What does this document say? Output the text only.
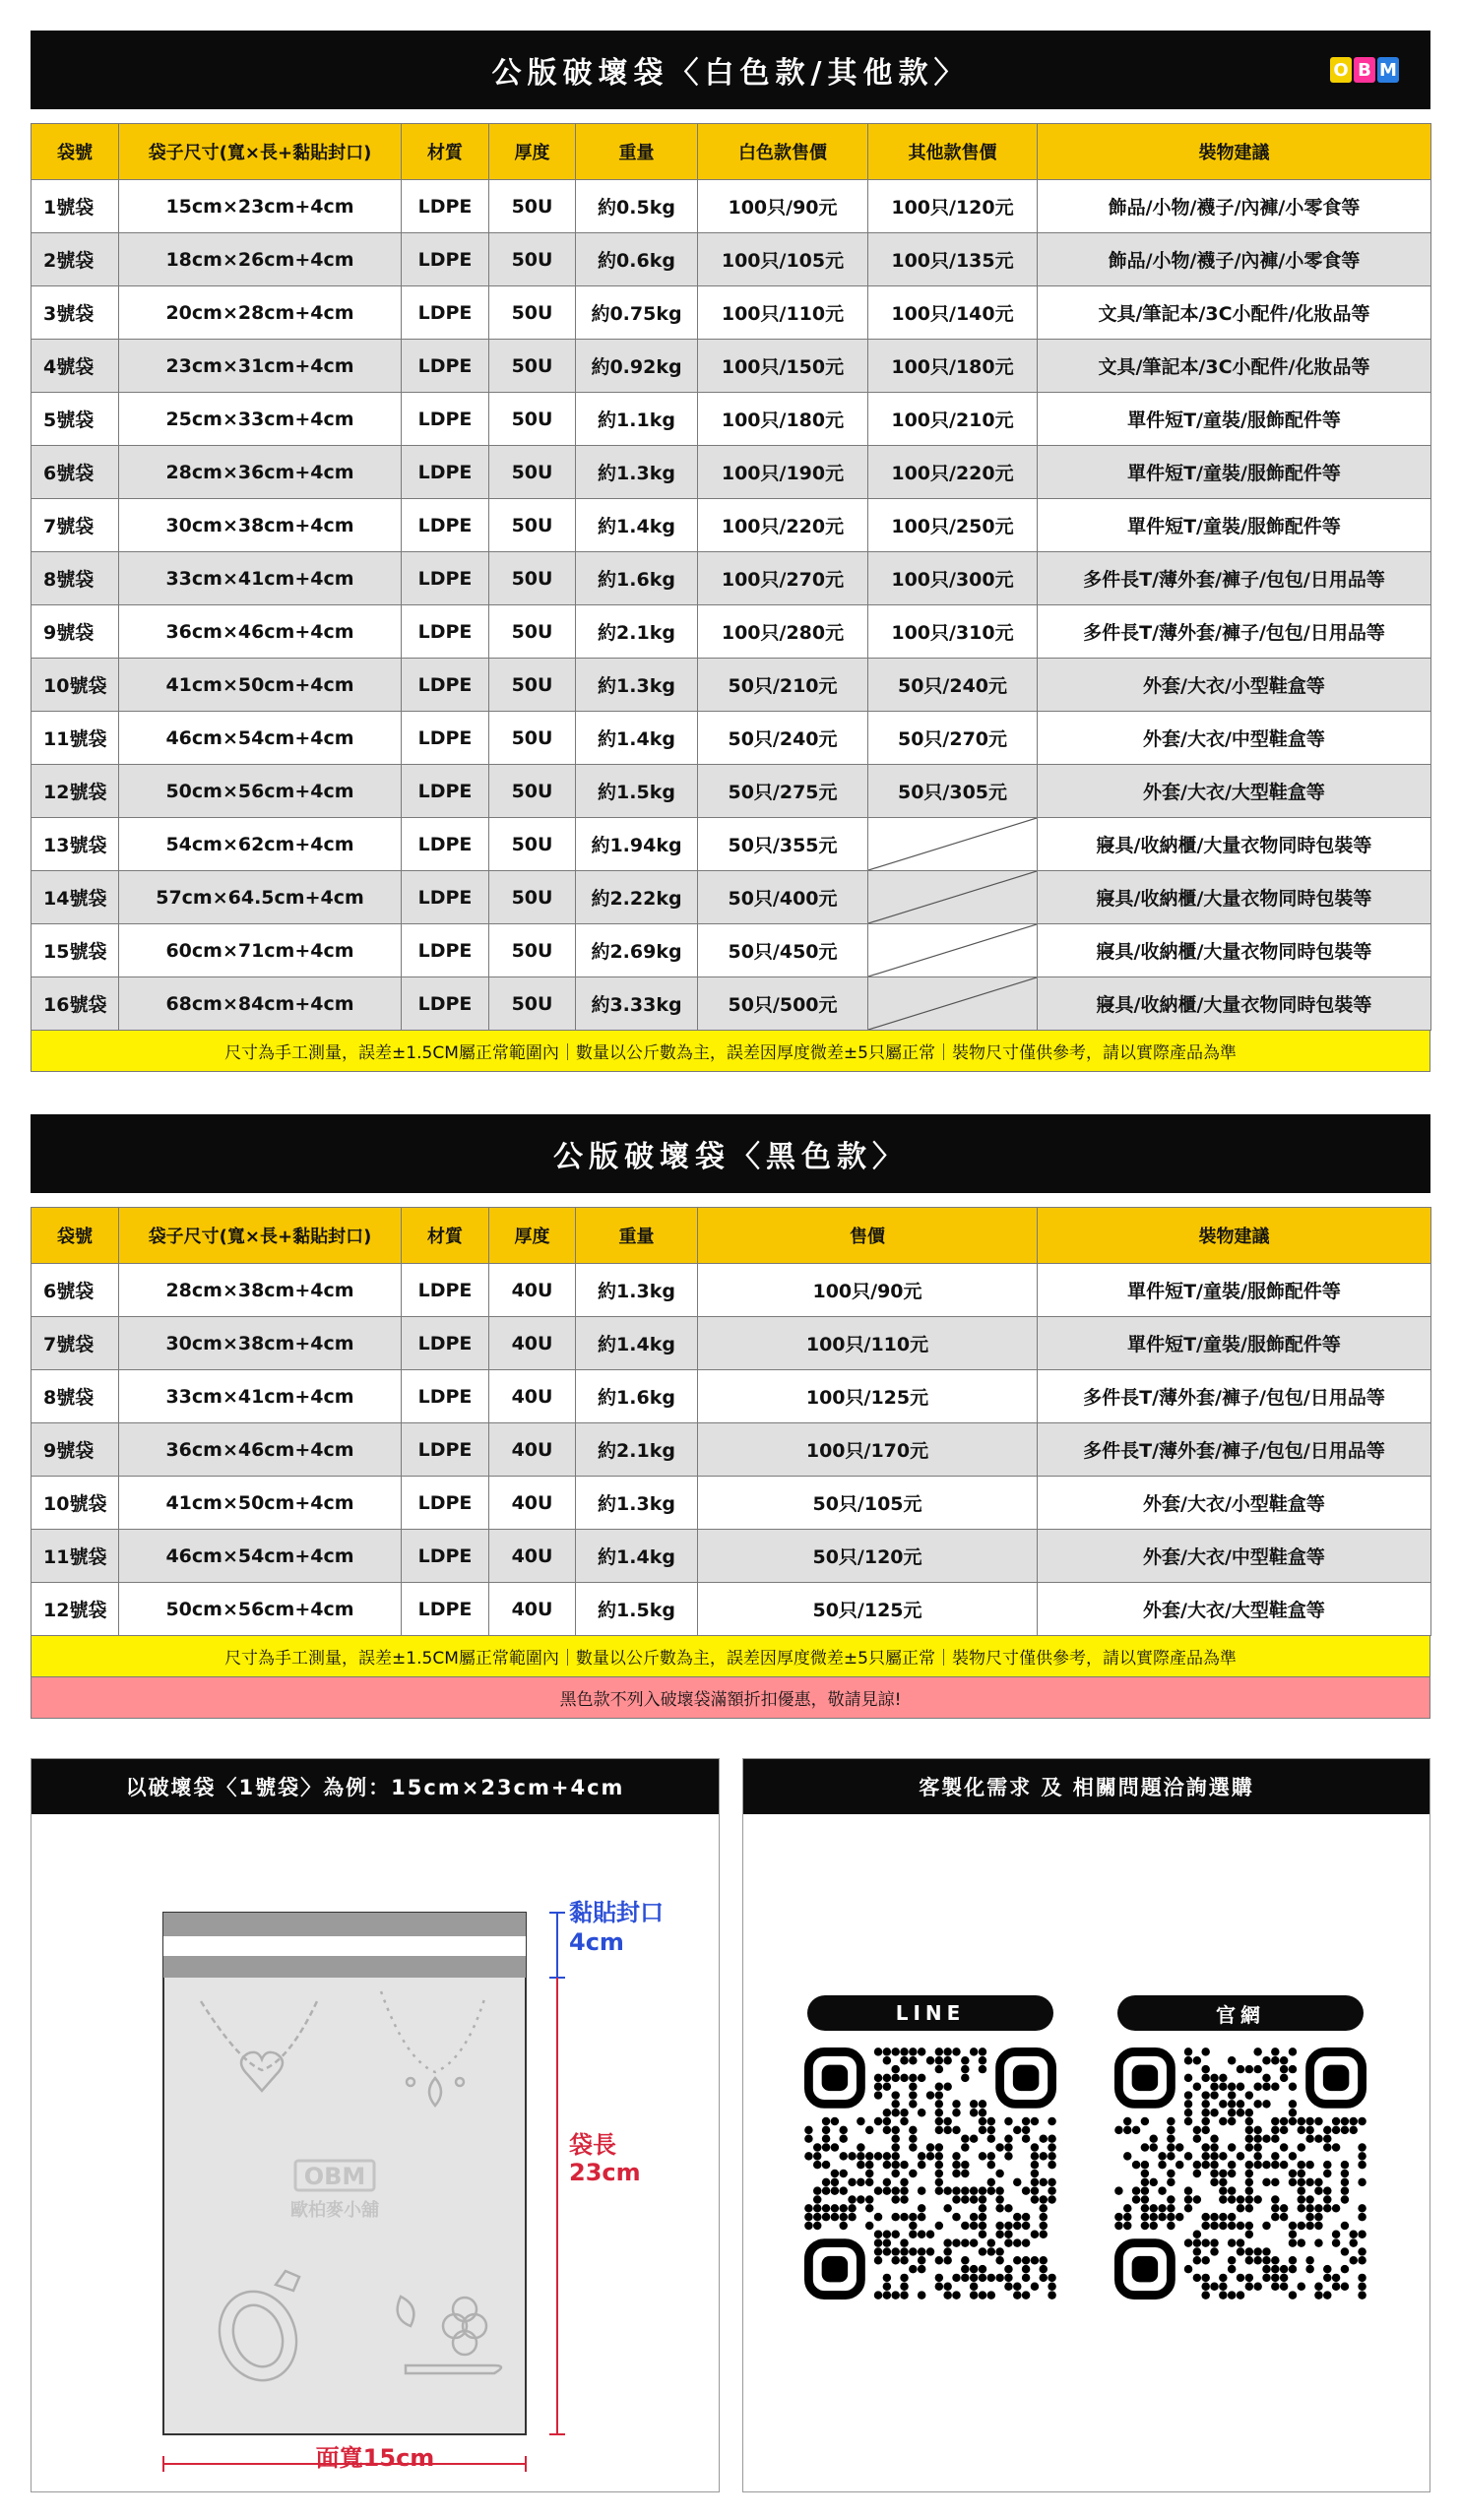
公版破壞袋〈白色款/其他款〉	O B M
袋號	袋子尺寸(寬×長+黏貼封口)	材質	厚度	重量	白色款售價	其他款售價	裝物建議
1號袋	15cm×23cm+4cm	LDPE	50U	約0.5kg	100只/90元	100只/120元	飾品/小物/襪子/內褲/小零食等
2號袋	18cm×26cm+4cm	LDPE	50U	約0.6kg	100只/105元	100只/135元	飾品/小物/襪子/內褲/小零食等
3號袋	20cm×28cm+4cm	LDPE	50U	約0.75kg	100只/110元	100只/140元	文具/筆記本/3C小配件/化妝品等
4號袋	23cm×31cm+4cm	LDPE	50U	約0.92kg	100只/150元	100只/180元	文具/筆記本/3C小配件/化妝品等
5號袋	25cm×33cm+4cm	LDPE	50U	約1.1kg	100只/180元	100只/210元	單件短T/童裝/服飾配件等
6號袋	28cm×36cm+4cm	LDPE	50U	約1.3kg	100只/190元	100只/220元	單件短T/童裝/服飾配件等
7號袋	30cm×38cm+4cm	LDPE	50U	約1.4kg	100只/220元	100只/250元	單件短T/童裝/服飾配件等
8號袋	33cm×41cm+4cm	LDPE	50U	約1.6kg	100只/270元	100只/300元	多件長T/薄外套/褲子/包包/日用品等
9號袋	36cm×46cm+4cm	LDPE	50U	約2.1kg	100只/280元	100只/310元	多件長T/薄外套/褲子/包包/日用品等
10號袋	41cm×50cm+4cm	LDPE	50U	約1.3kg	50只/210元	50只/240元	外套/大衣/小型鞋盒等
11號袋	46cm×54cm+4cm	LDPE	50U	約1.4kg	50只/240元	50只/270元	外套/大衣/中型鞋盒等
12號袋	50cm×56cm+4cm	LDPE	50U	約1.5kg	50只/275元	50只/305元	外套/大衣/大型鞋盒等
13號袋	54cm×62cm+4cm	LDPE	50U	約1.94kg	50只/355元		寢具/收納櫃/大量衣物同時包裝等
14號袋	57cm×64.5cm+4cm	LDPE	50U	約2.22kg	50只/400元		寢具/收納櫃/大量衣物同時包裝等
15號袋	60cm×71cm+4cm	LDPE	50U	約2.69kg	50只/450元		寢具/收納櫃/大量衣物同時包裝等
16號袋	68cm×84cm+4cm	LDPE	50U	約3.33kg	50只/500元		寢具/收納櫃/大量衣物同時包裝等
尺寸為手工測量，誤差±1.5CM屬正常範圍內｜數量以公斤數為主，誤差因厚度微差±5只屬正常｜裝物尺寸僅供參考，請以實際產品為準
公版破壞袋〈黑色款〉
袋號	袋子尺寸(寬×長+黏貼封口)	材質	厚度	重量	售價	裝物建議
6號袋	28cm×38cm+4cm	LDPE	40U	約1.3kg	100只/90元	單件短T/童裝/服飾配件等
7號袋	30cm×38cm+4cm	LDPE	40U	約1.4kg	100只/110元	單件短T/童裝/服飾配件等
8號袋	33cm×41cm+4cm	LDPE	40U	約1.6kg	100只/125元	多件長T/薄外套/褲子/包包/日用品等
9號袋	36cm×46cm+4cm	LDPE	40U	約2.1kg	100只/170元	多件長T/薄外套/褲子/包包/日用品等
10號袋	41cm×50cm+4cm	LDPE	40U	約1.3kg	50只/105元	外套/大衣/小型鞋盒等
11號袋	46cm×54cm+4cm	LDPE	40U	約1.4kg	50只/120元	外套/大衣/中型鞋盒等
12號袋	50cm×56cm+4cm	LDPE	40U	約1.5kg	50只/125元	外套/大衣/大型鞋盒等
尺寸為手工測量，誤差±1.5CM屬正常範圍內｜數量以公斤數為主，誤差因厚度微差±5只屬正常｜裝物尺寸僅供參考，請以實際產品為準
黑色款不列入破壞袋滿額折扣優惠，敬請見諒!
以破壞袋〈1號袋〉為例：15cm×23cm+4cm
OBM
歐柏麥小舖
黏貼封口
4cm
袋長
23cm
面寬15cm
客製化需求 及 相關問題洽詢選購
LINE	官網
